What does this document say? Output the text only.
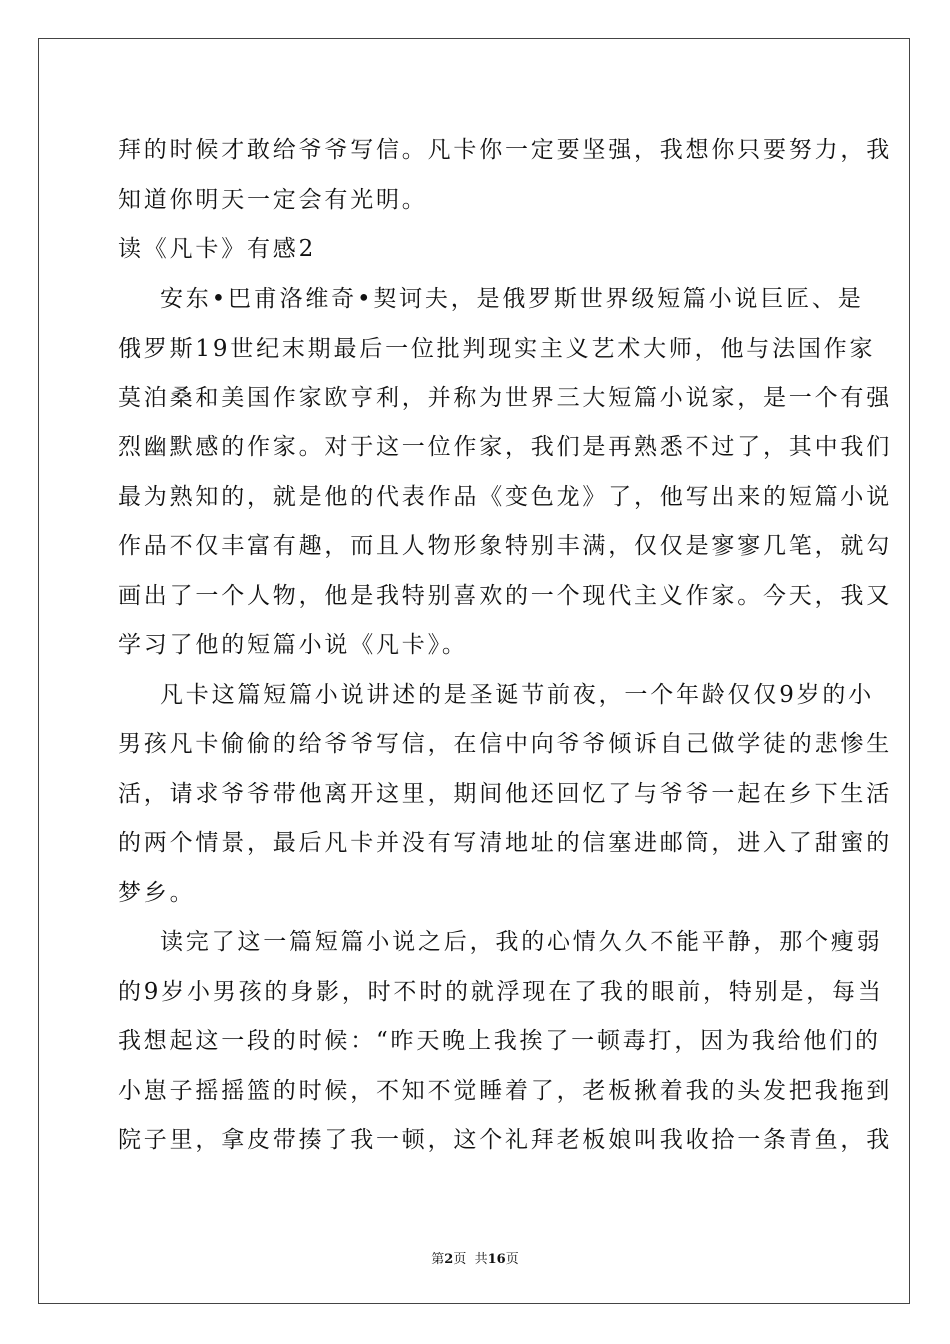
拜的时候才敢给爷爷写信。凡卡你一定要坚强，我想你只要努力，我
知道你明天一定会有光明。
读《凡卡》有感2
安东•巴甫洛维奇•契诃夫，是俄罗斯世界级短篇小说巨匠、是
俄罗斯19世纪末期最后一位批判现实主义艺术大师，他与法国作家
莫泊桑和美国作家欧亨利，并称为世界三大短篇小说家，是一个有强
烈幽默感的作家。对于这一位作家，我们是再熟悉不过了，其中我们
最为熟知的，就是他的代表作品《变色龙》了，他写出来的短篇小说
作品不仅丰富有趣，而且人物形象特别丰满，仅仅是寥寥几笔，就勾
画出了一个人物，他是我特别喜欢的一个现代主义作家。今天，我又
学习了他的短篇小说《凡卡》。
凡卡这篇短篇小说讲述的是圣诞节前夜，一个年龄仅仅9岁的小
男孩凡卡偷偷的给爷爷写信，在信中向爷爷倾诉自己做学徒的悲惨生
活，请求爷爷带他离开这里，期间他还回忆了与爷爷一起在乡下生活
的两个情景，最后凡卡并没有写清地址的信塞进邮筒，进入了甜蜜的
梦乡。
读完了这一篇短篇小说之后，我的心情久久不能平静，那个瘦弱
的9岁小男孩的身影，时不时的就浮现在了我的眼前，特别是，每当
我想起这一段的时候：“昨天晚上我挨了一顿毒打，因为我给他们的
小崽子摇摇篮的时候，不知不觉睡着了，老板揪着我的头发把我拖到
院子里，拿皮带揍了我一顿，这个礼拜老板娘叫我收拾一条青鱼，我
第2页  共16页
